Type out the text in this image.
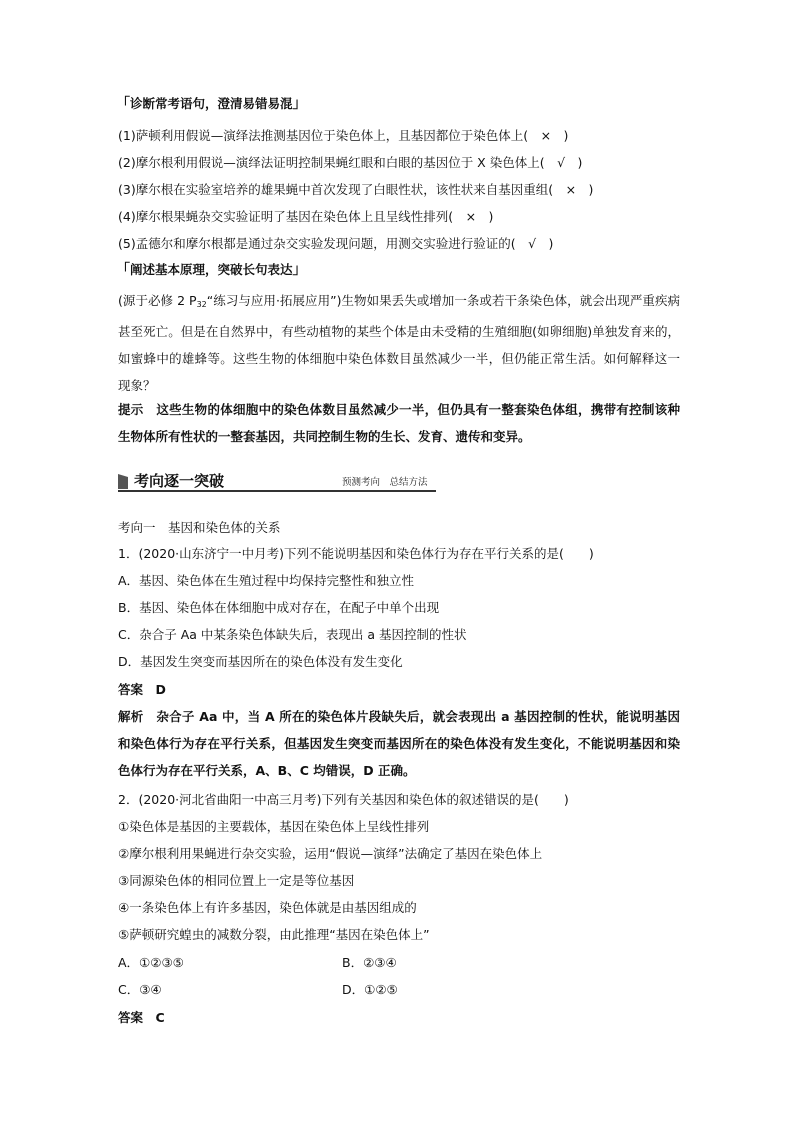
「诊断常考语句，澄清易错易混」
(1)萨顿利用假说—演绎法推测基因位于染色体上，且基因都位于染色体上(　×　)
(2)摩尔根利用假说—演绎法证明控制果蝇红眼和白眼的基因位于 X 染色体上(　√　)
(3)摩尔根在实验室培养的雄果蝇中首次发现了白眼性状，该性状来自基因重组(　×　)
(4)摩尔根果蝇杂交实验证明了基因在染色体上且呈线性排列(　×　)
(5)孟德尔和摩尔根都是通过杂交实验发现问题，用测交实验进行验证的(　√　)
「阐述基本原理，突破长句表达」
(源于必修 2 $P_{32}“$练习与应用·拓展应用”)生物如果丢失或增加一条或若干条染色体，就会出现严重疾病甚至死亡。但是在自然界中，有些动植物的某些个体是由未受精的生殖细胞(如卵细胞)单独发育来的，如蜜蜂中的雄蜂等。这些生物的体细胞中染色体数目虽然减少一半，但仍能正常生活。如何解释这一现象？
提示　这些生物的体细胞中的染色体数目虽然减少一半，但仍具有一整套染色体组，携带有控制该种生物体所有性状的一整套基因，共同控制生物的生长、发育、遗传和变异。
考向逐一突破	预测考向　总结方法
考向一　基因和染色体的关系
1．(2020·山东济宁一中月考)下列不能说明基因和染色体行为存在平行关系的是(　　)
A．基因、染色体在生殖过程中均保持完整性和独立性
B．基因、染色体在体细胞中成对存在，在配子中单个出现
C．杂合子 Aa 中某条染色体缺失后，表现出 a 基因控制的性状
D．基因发生突变而基因所在的染色体没有发生变化
答案　D
解析　杂合子 Aa 中，当 A 所在的染色体片段缺失后，就会表现出 a 基因控制的性状，能说明基因和染色体行为存在平行关系，但基因发生突变而基因所在的染色体没有发生变化，不能说明基因和染色体行为存在平行关系，A、B、C 均错误，D 正确。
2．(2020·河北省曲阳一中高三月考)下列有关基因和染色体的叙述错误的是(　　)
①染色体是基因的主要载体，基因在染色体上呈线性排列
②摩尔根利用果蝇进行杂交实验，运用“假说—演绎”法确定了基因在染色体上
③同源染色体的相同位置上一定是等位基因
④一条染色体上有许多基因，染色体就是由基因组成的
⑤萨顿研究蝗虫的减数分裂，由此推理“基因在染色体上”
A．①②③⑤	B．②③④
C．③④	D．①②⑤
答案　C
